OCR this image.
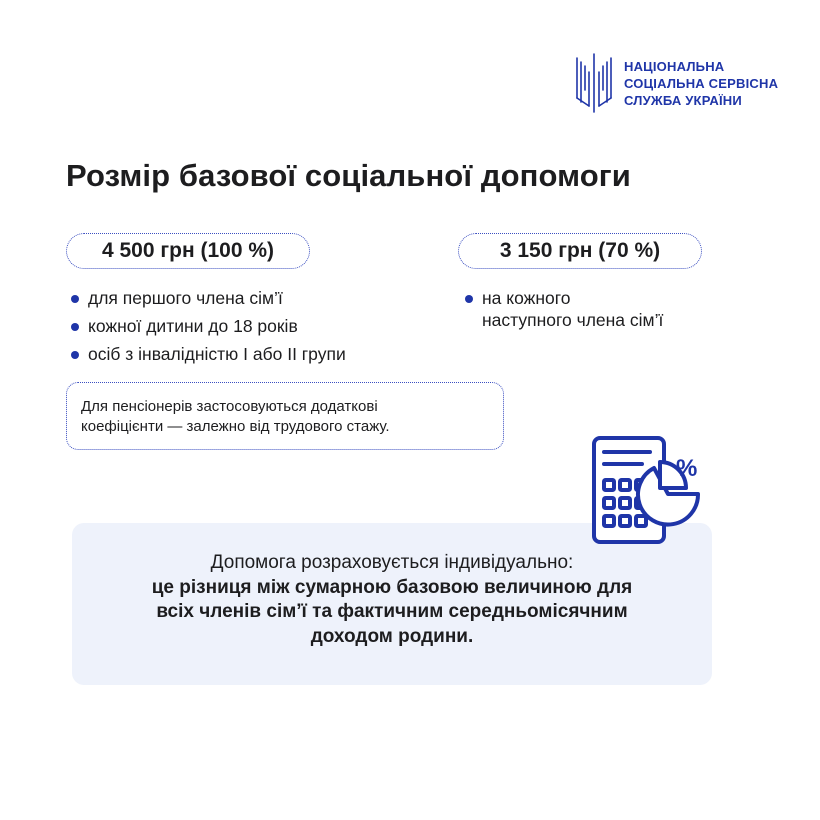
НАЦІОНАЛЬНА
СОЦІАЛЬНА СЕРВІСНА
СЛУЖБА УКРАЇНИ
Розмір базової соціальної допомоги
4 500 грн (100 %)	3 150 грн (70 %)
для першого члена сім’ї
кожної дитини до 18 років
осіб з інвалідністю I або II групи
на кожного
наступного члена сім’ї
Для пенсіонерів застосовуються додаткові
коефіцієнти — залежно від трудового стажу.
Допомога розраховується індивідуально:
це різниця між сумарною базовою величиною для
всіх членів сім’ї та фактичним середньомісячним
доходом родини.
%
